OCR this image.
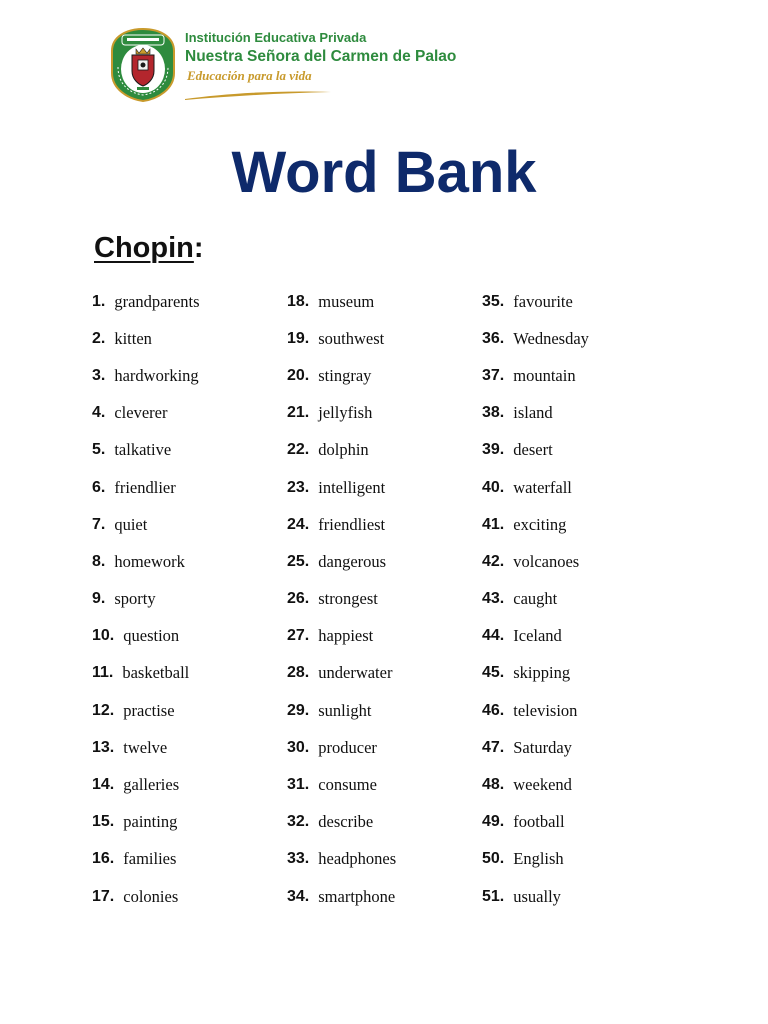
Institución Educativa Privada
Nuestra Señora del Carmen de Palao
Educación para la vida
Word Bank
Chopin:
1. grandparents
2. kitten
3. hardworking
4. cleverer
5. talkative
6. friendlier
7. quiet
8. homework
9. sporty
10. question
11. basketball
12. practise
13. twelve
14. galleries
15. painting
16. families
17. colonies
18. museum
19. southwest
20. stingray
21. jellyfish
22. dolphin
23. intelligent
24. friendliest
25. dangerous
26. strongest
27. happiest
28. underwater
29. sunlight
30. producer
31. consume
32. describe
33. headphones
34. smartphone
35. favourite
36. Wednesday
37. mountain
38. island
39. desert
40. waterfall
41. exciting
42. volcanoes
43. caught
44. Iceland
45. skipping
46. television
47. Saturday
48. weekend
49. football
50. English
51. usually
